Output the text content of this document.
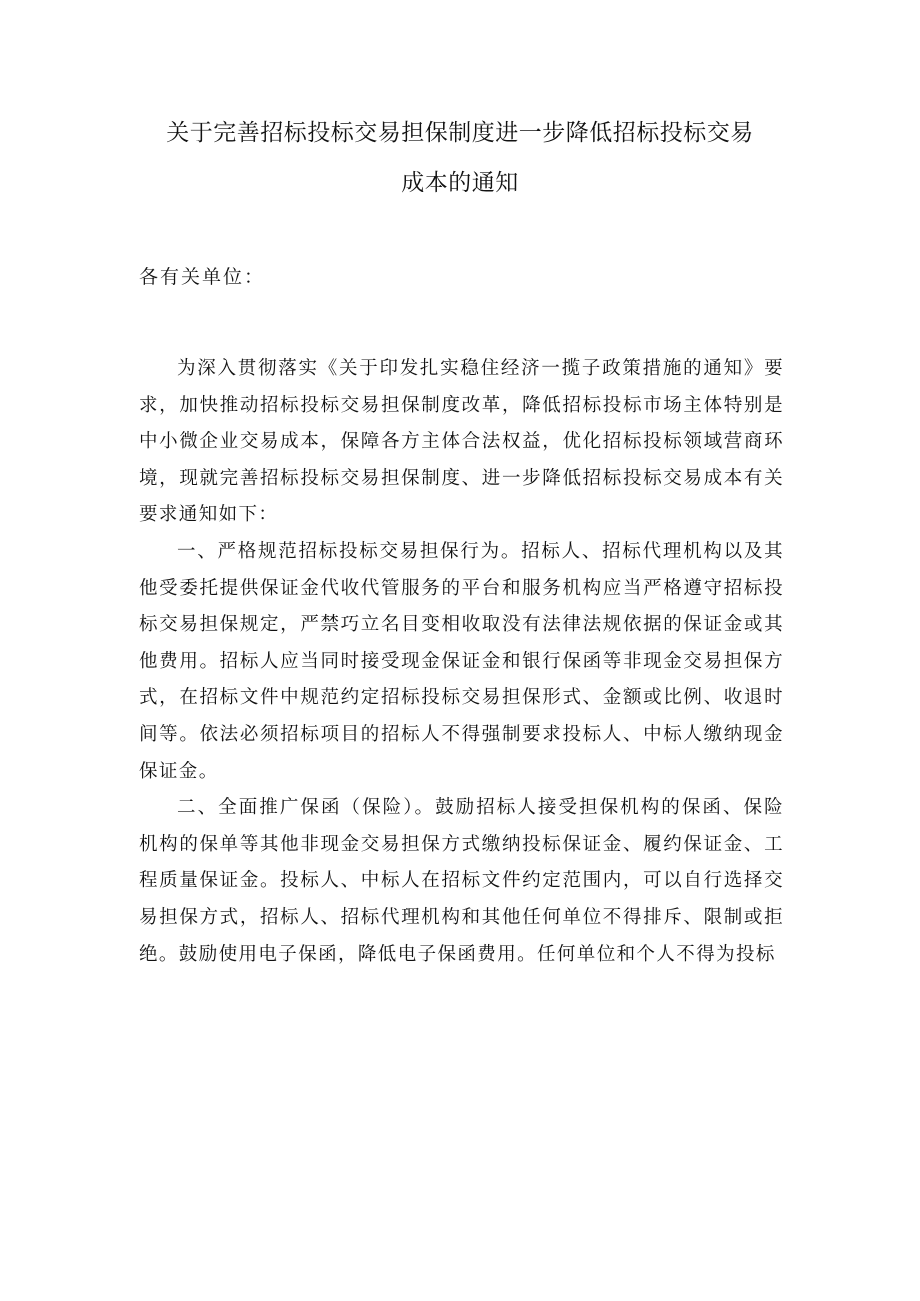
关于完善招标投标交易担保制度进一步降低招标投标交易
成本的通知
各有关单位：

为深入贯彻落实《关于印发扎实稳住经济一揽子政策措施的通知》要求，加快推动招标投标交易担保制度改革，降低招标投标市场主体特别是中小微企业交易成本，保障各方主体合法权益，优化招标投标领域营商环境，现就完善招标投标交易担保制度、进一步降低招标投标交易成本有关要求通知如下：

一、严格规范招标投标交易担保行为。招标人、招标代理机构以及其他受委托提供保证金代收代管服务的平台和服务机构应当严格遵守招标投标交易担保规定，严禁巧立名目变相收取没有法律法规依据的保证金或其他费用。招标人应当同时接受现金保证金和银行保函等非现金交易担保方式，在招标文件中规范约定招标投标交易担保形式、金额或比例、收退时间等。依法必须招标项目的招标人不得强制要求投标人、中标人缴纳现金保证金。

二、全面推广保函（保险）。鼓励招标人接受担保机构的保函、保险机构的保单等其他非现金交易担保方式缴纳投标保证金、履约保证金、工程质量保证金。投标人、中标人在招标文件约定范围内，可以自行选择交易担保方式，招标人、招标代理机构和其他任何单位不得排斥、限制或拒绝。鼓励使用电子保函，降低电子保函费用。任何单位和个人不得为投标
